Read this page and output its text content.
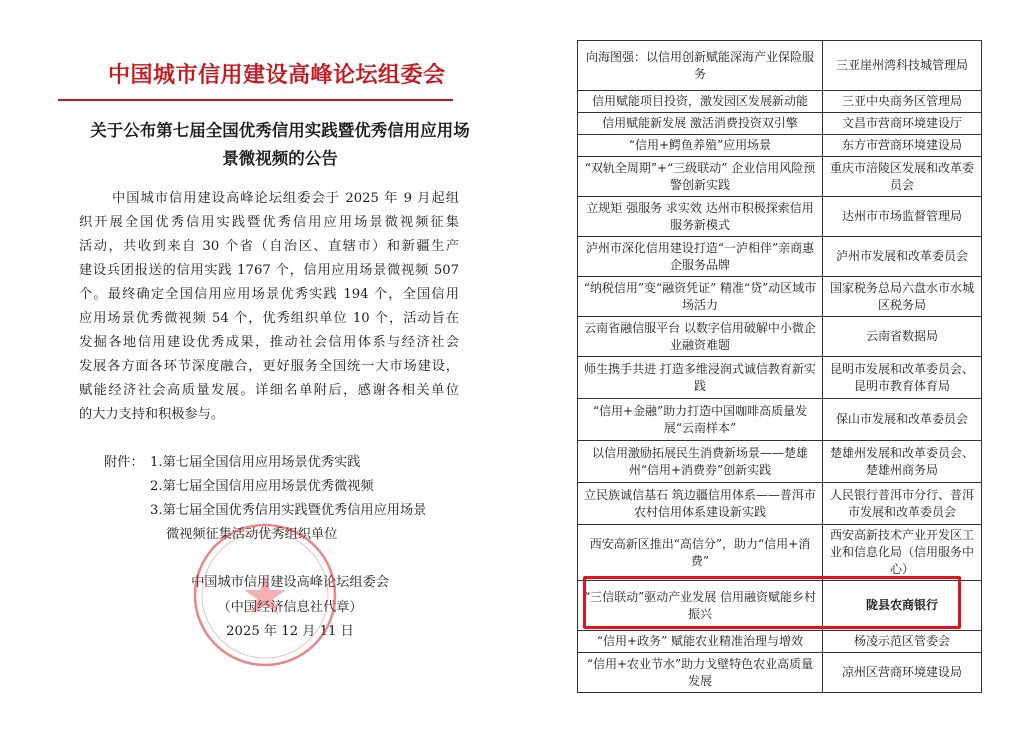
中国城市信用建设高峰论坛组委会
关于公布第七届全国优秀信用实践暨优秀信用应用场
景微视频的公告
中国城市信用建设高峰论坛组委会于 2025 年 9 月起组
织开展全国优秀信用实践暨优秀信用应用场景微视频征集
活动，共收到来自 30 个省（自治区、直辖市）和新疆生产
建设兵团报送的信用实践 1767 个，信用应用场景微视频 507
个。最终确定全国信用应用场景优秀实践 194 个，全国信用
应用场景优秀微视频 54 个，优秀组织单位 10 个，活动旨在
发掘各地信用建设优秀成果，推动社会信用体系与经济社会
发展各方面各环节深度融合，更好服务全国统一大市场建设，
赋能经济社会高质量发展。详细名单附后，感谢各相关单位
的大力支持和积极参与。
附件： 1.第七届全国信用应用场景优秀实践
2.第七届全国信用应用场景优秀微视频
3.第七届全国优秀信用实践暨优秀信用应用场景
微视频征集活动优秀组织单位
中国城市信用建设高峰论坛组委会
（中国经济信息社代章）
2025 年 12 月 11 日
向海图强：以信用创新赋能深海产业保险服务	三亚崖州湾科技城管理局
信用赋能项目投资，激发园区发展新动能	三亚中央商务区管理局
信用赋能新发展 激活消费投资双引擎	文昌市营商环境建设厅
“信用+鳄鱼养殖”应用场景	东方市营商环境建设局
“双轨全周期”+“三级联动” 企业信用风险预警创新实践	重庆市涪陵区发展和改革委员会
立规矩 强服务 求实效 达州市积极探索信用服务新模式	达州市市场监督管理局
泸州市深化信用建设打造“一泸相伴”亲商惠企服务品牌	泸州市发展和改革委员会
“纳税信用”变“融资凭证” 精准“贷”动区域市场活力	国家税务总局六盘水市水城区税务局
云南省融信服平台 以数字信用破解中小微企业融资难题	云南省数据局
师生携手共进 打造多维浸润式诚信教育新实践	昆明市发展和改革委员会、昆明市教育体育局
“信用+金融”助力打造中国咖啡高质量发展“云南样本”	保山市发展和改革委员会
以信用激励拓展民生消费新场景——楚雄州“信用+消费券”创新实践	楚雄州发展和改革委员会、楚雄州商务局
立民族诚信基石 筑边疆信用体系——普洱市农村信用体系建设新实践	人民银行普洱市分行、普洱市发展和改革委员会
西安高新区推出“高信分”，助力“信用+消费”	西安高新技术产业开发区工业和信息化局（信用服务中心）
“三信联动”驱动产业发展 信用融资赋能乡村振兴	陇县农商银行
“信用+政务” 赋能农业精准治理与增效	杨凌示范区管委会
“信用+农业节水”助力戈壁特色农业高质量发展	凉州区营商环境建设局
